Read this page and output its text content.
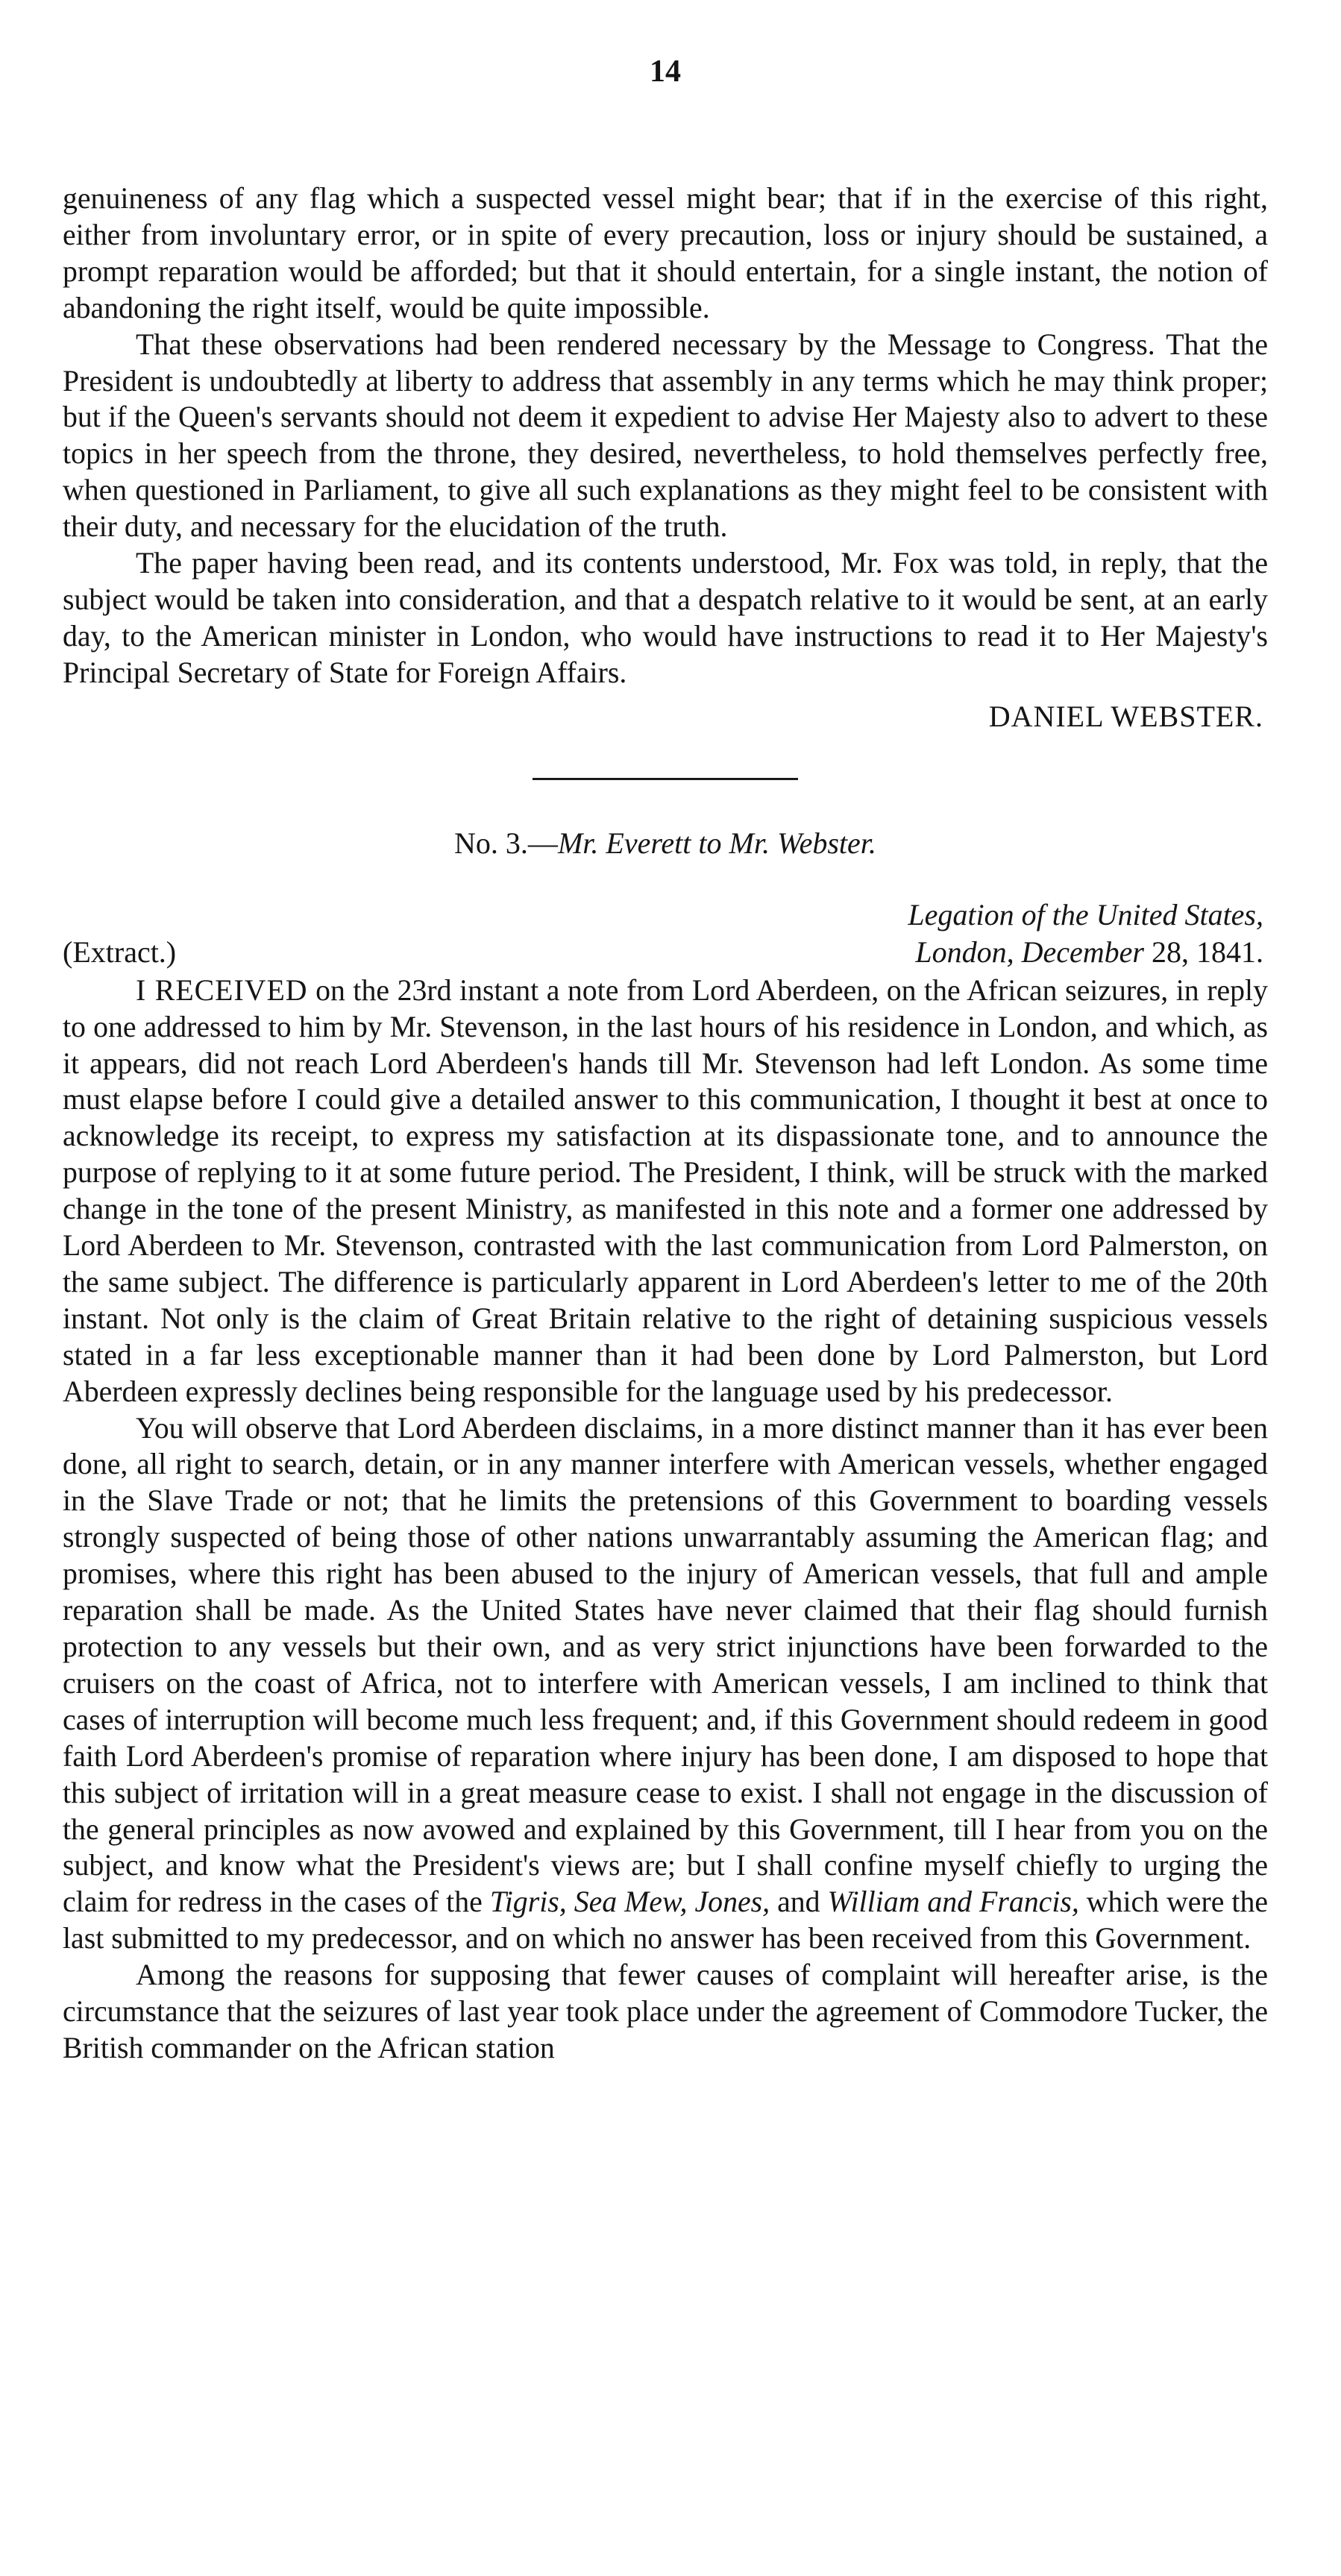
14

genuineness of any flag which a suspected vessel might bear; that if in the exercise of this right, either from involuntary error, or in spite of every precaution, loss or injury should be sustained, a prompt reparation would be afforded; but that it should entertain, for a single instant, the notion of abandoning the right itself, would be quite impossible.

That these observations had been rendered necessary by the Message to Congress. That the President is undoubtedly at liberty to address that assembly in any terms which he may think proper; but if the Queen's servants should not deem it expedient to advise Her Majesty also to advert to these topics in her speech from the throne, they desired, nevertheless, to hold themselves perfectly free, when questioned in Parliament, to give all such explanations as they might feel to be consistent with their duty, and necessary for the elucidation of the truth.

The paper having been read, and its contents understood, Mr. Fox was told, in reply, that the subject would be taken into consideration, and that a despatch relative to it would be sent, at an early day, to the American minister in London, who would have instructions to read it to Her Majesty's Principal Secretary of State for Foreign Affairs.

DANIEL WEBSTER.
No. 3.—Mr. Everett to Mr. Webster.
(Extract.)
Legation of the United States,
London, December 28, 1841.

I RECEIVED on the 23rd instant a note from Lord Aberdeen, on the African seizures, in reply to one addressed to him by Mr. Stevenson, in the last hours of his residence in London, and which, as it appears, did not reach Lord Aberdeen's hands till Mr. Stevenson had left London. As some time must elapse before I could give a detailed answer to this communication, I thought it best at once to acknowledge its receipt, to express my satisfaction at its dispassionate tone, and to announce the purpose of replying to it at some future period. The President, I think, will be struck with the marked change in the tone of the present Ministry, as manifested in this note and a former one addressed by Lord Aberdeen to Mr. Stevenson, contrasted with the last communication from Lord Palmerston, on the same subject. The difference is particularly apparent in Lord Aberdeen's letter to me of the 20th instant. Not only is the claim of Great Britain relative to the right of detaining suspicious vessels stated in a far less exceptionable manner than it had been done by Lord Palmerston, but Lord Aberdeen expressly declines being responsible for the language used by his predecessor.

You will observe that Lord Aberdeen disclaims, in a more distinct manner than it has ever been done, all right to search, detain, or in any manner interfere with American vessels, whether engaged in the Slave Trade or not; that he limits the pretensions of this Government to boarding vessels strongly suspected of being those of other nations unwarrantably assuming the American flag; and promises, where this right has been abused to the injury of American vessels, that full and ample reparation shall be made. As the United States have never claimed that their flag should furnish protection to any vessels but their own, and as very strict injunctions have been forwarded to the cruisers on the coast of Africa, not to interfere with American vessels, I am inclined to think that cases of interruption will become much less frequent; and, if this Government should redeem in good faith Lord Aberdeen's promise of reparation where injury has been done, I am disposed to hope that this subject of irritation will in a great measure cease to exist. I shall not engage in the discussion of the general principles as now avowed and explained by this Government, till I hear from you on the subject, and know what the President's views are; but I shall confine myself chiefly to urging the claim for redress in the cases of the Tigris, Sea Mew, Jones, and William and Francis, which were the last submitted to my predecessor, and on which no answer has been received from this Government.

Among the reasons for supposing that fewer causes of complaint will hereafter arise, is the circumstance that the seizures of last year took place under the agreement of Commodore Tucker, the British commander on the African station
